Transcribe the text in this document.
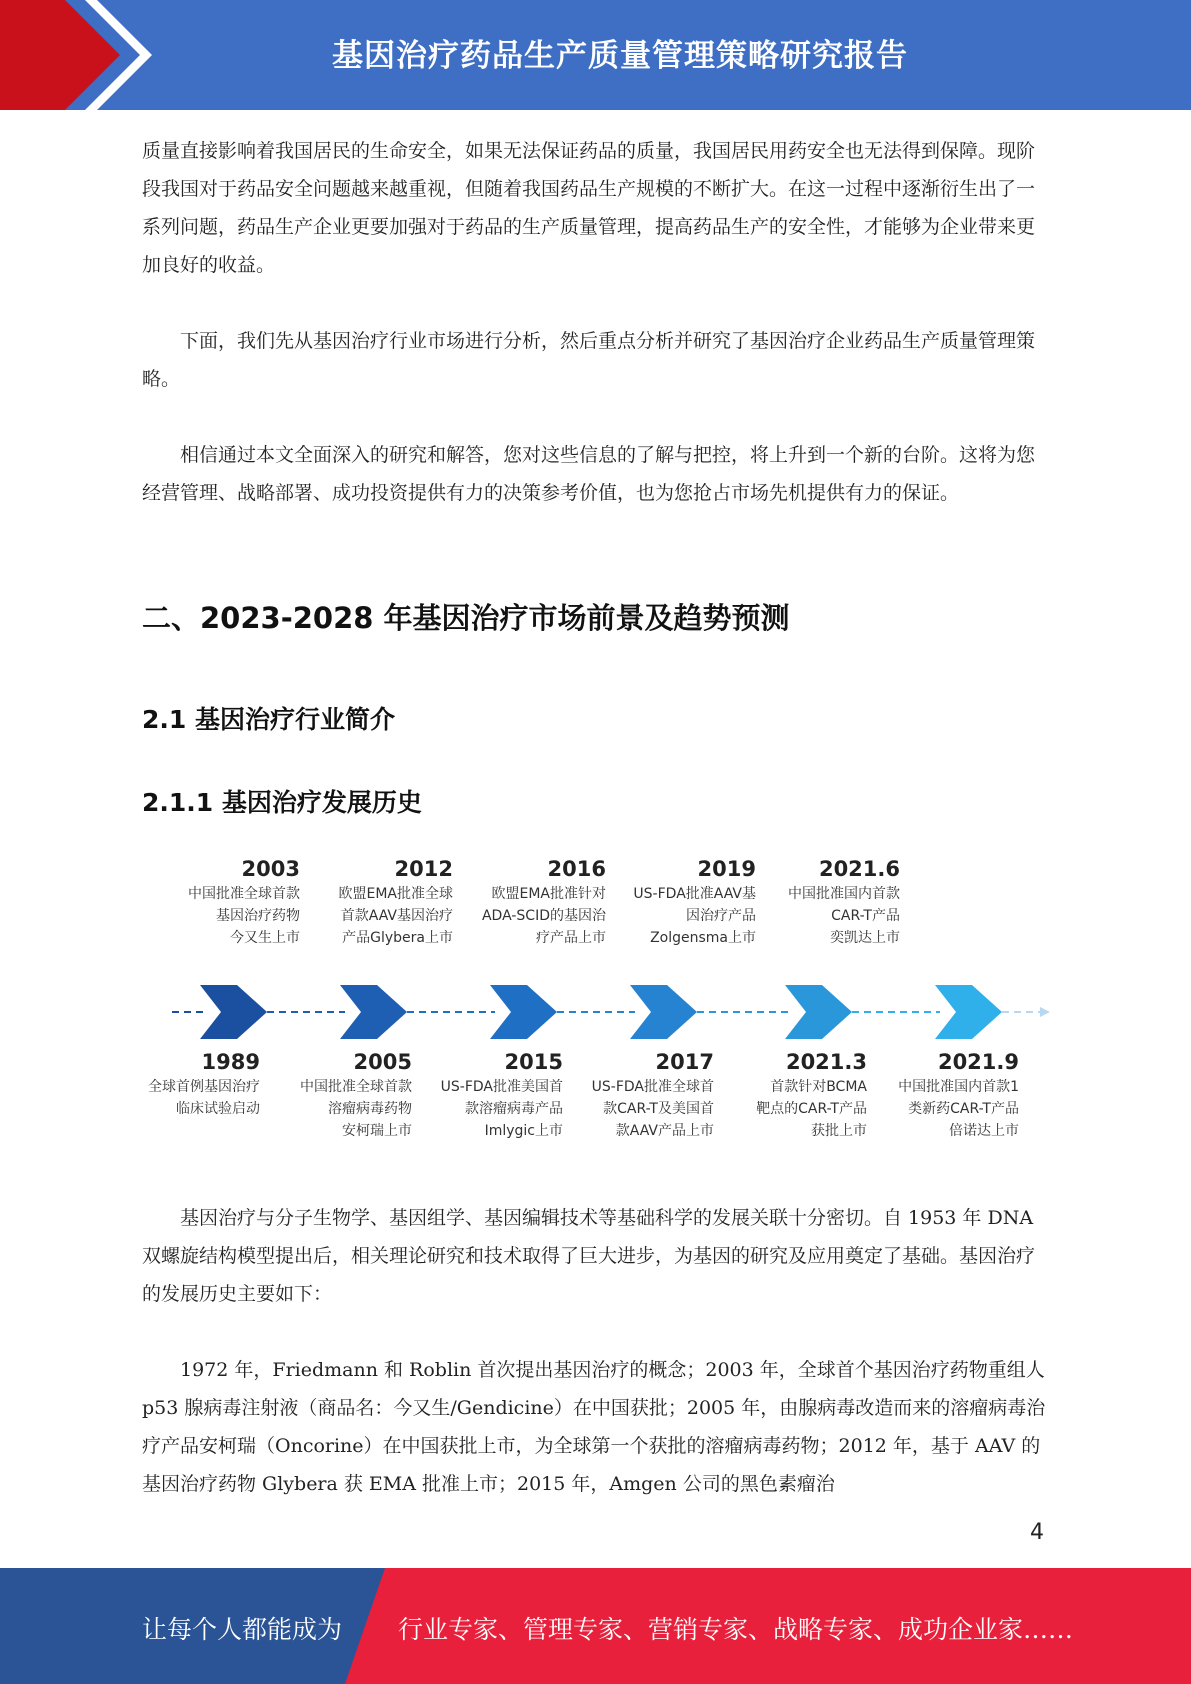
基因治疗药品生产质量管理策略研究报告

质量直接影响着我国居民的生命安全，如果无法保证药品的质量，我国居民用药安全也无法得到保障。现阶段我国对于药品安全问题越来越重视，但随着我国药品生产规模的不断扩大。在这一过程中逐渐衍生出了一系列问题，药品生产企业更要加强对于药品的生产质量管理，提高药品生产的安全性，才能够为企业带来更加良好的收益。

下面，我们先从基因治疗行业市场进行分析，然后重点分析并研究了基因治疗企业药品生产质量管理策略。

相信通过本文全面深入的研究和解答，您对这些信息的了解与把控，将上升到一个新的台阶。这将为您经营管理、战略部署、成功投资提供有力的决策参考价值，也为您抢占市场先机提供有力的保证。

二、2023-2028 年基因治疗市场前景及趋势预测
2.1 基因治疗行业简介
2.1.1 基因治疗发展历史
2003
中国批准全球首款
基因治疗药物
今又生上市
2012
欧盟EMA批准全球
首款AAV基因治疗
产品Glybera上市
2016
欧盟EMA批准针对
ADA-SCID的基因治
疗产品上市
2019
US-FDA批准AAV基
因治疗产品
Zolgensma上市
2021.6
中国批准国内首款
CAR-T产品
奕凯达上市
1989
全球首例基因治疗
临床试验启动
2005
中国批准全球首款
溶瘤病毒药物
安柯瑞上市
2015
US-FDA批准美国首
款溶瘤病毒产品
Imlygic上市
2017
US-FDA批准全球首
款CAR-T及美国首
款AAV产品上市
2021.3
首款针对BCMA
靶点的CAR-T产品
获批上市
2021.9
中国批准国内首款1
类新药CAR-T产品
倍诺达上市

基因治疗与分子生物学、基因组学、基因编辑技术等基础科学的发展关联十分密切。自 1953 年 DNA 双螺旋结构模型提出后，相关理论研究和技术取得了巨大进步，为基因的研究及应用奠定了基础。基因治疗的发展历史主要如下：

1972 年，Friedmann 和 Roblin 首次提出基因治疗的概念；2003 年，全球首个基因治疗药物重组人 p53 腺病毒注射液（商品名：今又生/Gendicine）在中国获批；2005 年，由腺病毒改造而来的溶瘤病毒治疗产品安柯瑞（Oncorine）在中国获批上市，为全球第一个获批的溶瘤病毒药物；2012 年，基于 AAV 的基因治疗药物 Glybera 获 EMA 批准上市；2015 年，Amgen 公司的黑色素瘤治

4
让每个人都能成为 行业专家、管理专家、营销专家、战略专家、成功企业家……
